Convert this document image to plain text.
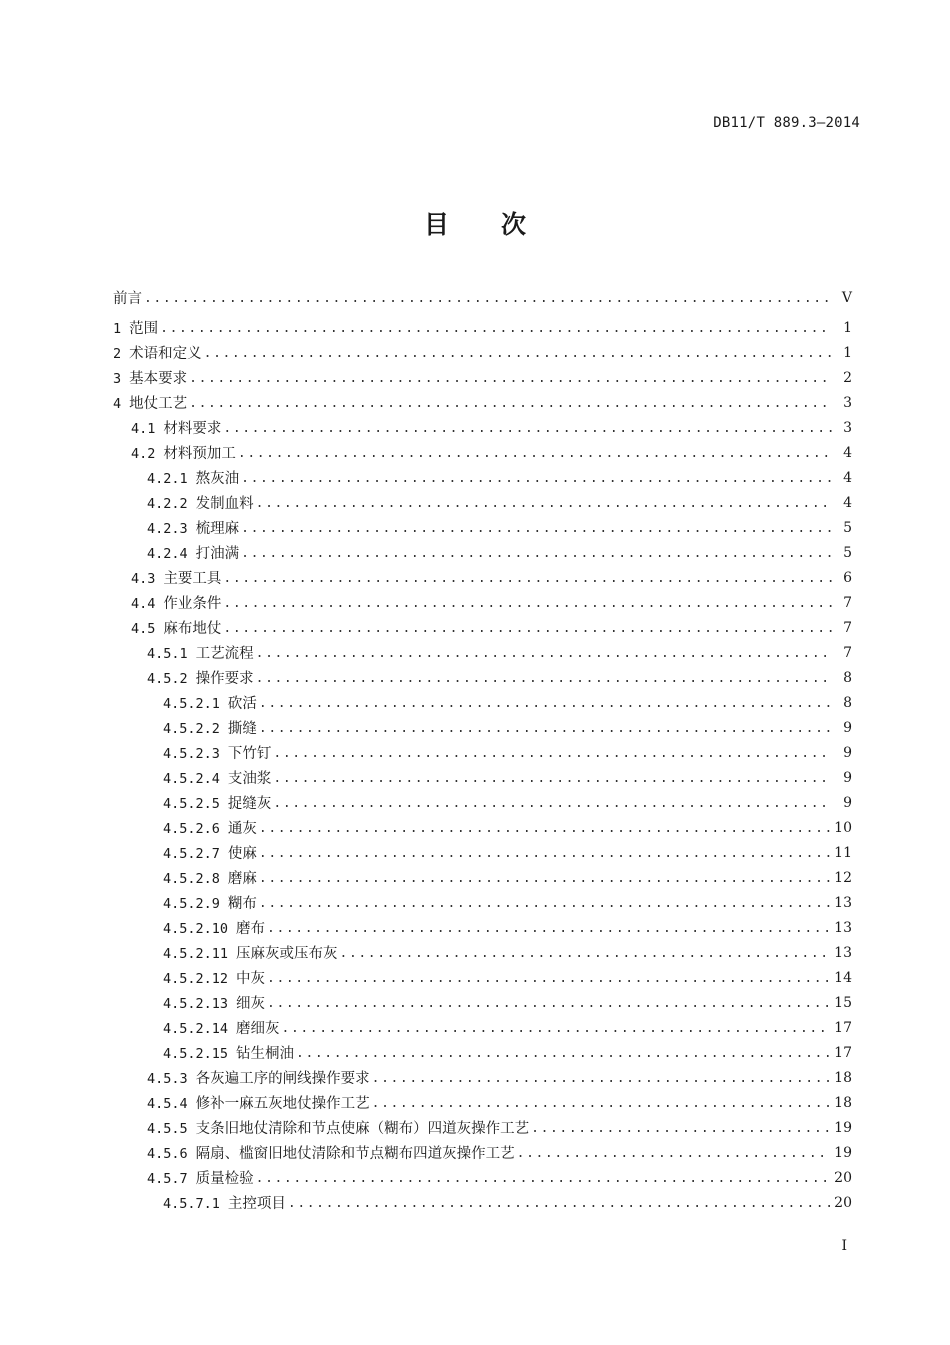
DB11/T 889.3—2014
目 次
前言 .....	V
1 范围 .....	1
2 术语和定义 .....	1
3 基本要求 .....	2
4 地仗工艺 .....	3
4.1 材料要求 .....	3
4.2 材料预加工 .....	4
4.2.1 熬灰油 .....	4
4.2.2 发制血料 .....	4
4.2.3 梳理麻 .....	5
4.2.4 打油满 .....	5
4.3 主要工具 .....	6
4.4 作业条件 .....	7
4.5 麻布地仗 .....	7
4.5.1 工艺流程 .....	7
4.5.2 操作要求 .....	8
4.5.2.1 砍活 .....	8
4.5.2.2 撕缝 .....	9
4.5.2.3 下竹钉 .....	9
4.5.2.4 支油浆 .....	9
4.5.2.5 捉缝灰 .....	9
4.5.2.6 通灰 .....	10
4.5.2.7 使麻 .....	11
4.5.2.8 磨麻 .....	12
4.5.2.9 糊布 .....	13
4.5.2.10 磨布 .....	13
4.5.2.11 压麻灰或压布灰 .....	13
4.5.2.12 中灰 .....	14
4.5.2.13 细灰 .....	15
4.5.2.14 磨细灰 .....	17
4.5.2.15 钻生桐油 .....	17
4.5.3 各灰遍工序的闸线操作要求 .....	18
4.5.4 修补一麻五灰地仗操作工艺 .....	18
4.5.5 支条旧地仗清除和节点使麻（糊布）四道灰操作工艺 .....	19
4.5.6 隔扇、槛窗旧地仗清除和节点糊布四道灰操作工艺 .....	19
4.5.7 质量检验 .....	20
4.5.7.1 主控项目 .....	20
I
